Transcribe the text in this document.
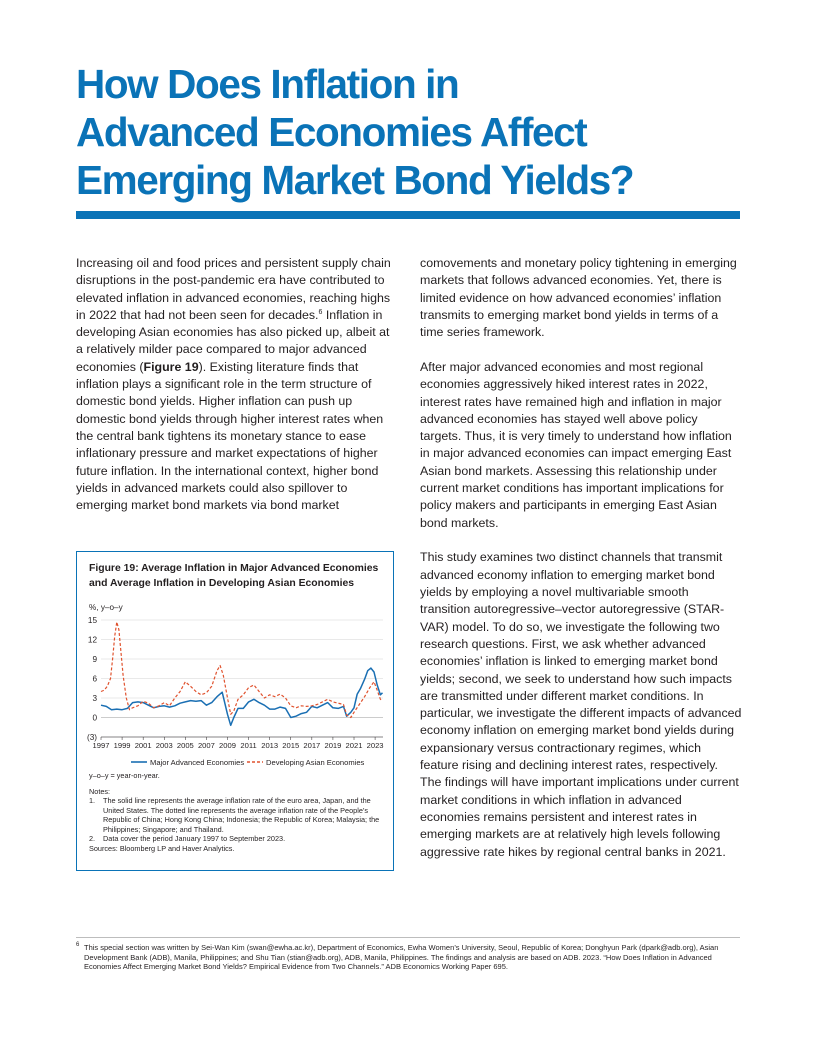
How Does Inflation in
Advanced Economies Affect
Emerging Market Bond Yields?

Increasing oil and food prices and persistent supply chain disruptions in the post-pandemic era have contributed to elevated inflation in advanced economies, reaching highs in 2022 that had not been seen for decades.$^6$ Inflation in developing Asian economies has also picked up, albeit at a relatively milder pace compared to major advanced economies (Figure 19). Existing literature finds that inflation plays a significant role in the term structure of domestic bond yields. Higher inflation can push up domestic bond yields through higher interest rates when the central bank tightens its monetary stance to ease inflationary pressure and market expectations of higher future inflation. In the international context, higher bond yields in advanced markets could also spillover to emerging market bond markets via bond market

comovements and monetary policy tightening in emerging markets that follows advanced economies. Yet, there is limited evidence on how advanced economies’ inflation transmits to emerging market bond yields in terms of a time series framework.

After major advanced economies and most regional economies aggressively hiked interest rates in 2022, interest rates have remained high and inflation in major advanced economies has stayed well above policy targets. Thus, it is very timely to understand how inflation in major advanced economies can impact emerging East Asian bond markets. Assessing this relationship under current market conditions has important implications for policy makers and participants in emerging East Asian bond markets.

This study examines two distinct channels that transmit advanced economy inflation to emerging market bond yields by employing a novel multivariable smooth transition autoregressive–vector autoregressive (STAR-VAR) model. To do so, we investigate the following two research questions. First, we ask whether advanced economies’ inflation is linked to emerging market bond yields; second, we seek to understand how such impacts are transmitted under different market conditions. In particular, we investigate the different impacts of advanced economy inflation on emerging market bond yields during expansionary versus contractionary regimes, which feature rising and declining interest rates, respectively. The findings will have important implications under current market conditions in which inflation in advanced economies remains persistent and interest rates in emerging markets are at relatively high levels following aggressive rate hikes by regional central banks in 2021.

Figure 19: Average Inflation in Major Advanced Economies and Average Inflation in Developing Asian Economies
%, y–o–y
15
12
9
6
3
0
(3)
1997 1999 2001 2003 2005 2007 2009 2011 2013 2015 2017 2019 2021 2023
Major Advanced Economies	Developing Asian Economies
y–o–y = year-on-year.
Notes:
1. The solid line represents the average inflation rate of the euro area, Japan, and the United States. The dotted line represents the average inflation rate of the People’s Republic of China; Hong Kong China; Indonesia; the Republic of Korea; Malaysia; the Philippines; Singapore; and Thailand.
2. Data cover the period January 1997 to September 2023.
Sources: Bloomberg LP and Haver Analytics.
6 This special section was written by Sei-Wan Kim (swan@ewha.ac.kr), Department of Economics, Ewha Women’s University, Seoul, Republic of Korea; Donghyun Park (dpark@adb.org), Asian Development Bank (ADB), Manila, Philippines; and Shu Tian (stian@adb.org), ADB, Manila, Philippines. The findings and analysis are based on ADB. 2023. “How Does Inflation in Advanced Economies Affect Emerging Market Bond Yields? Empirical Evidence from Two Channels.” ADB Economics Working Paper 695.
